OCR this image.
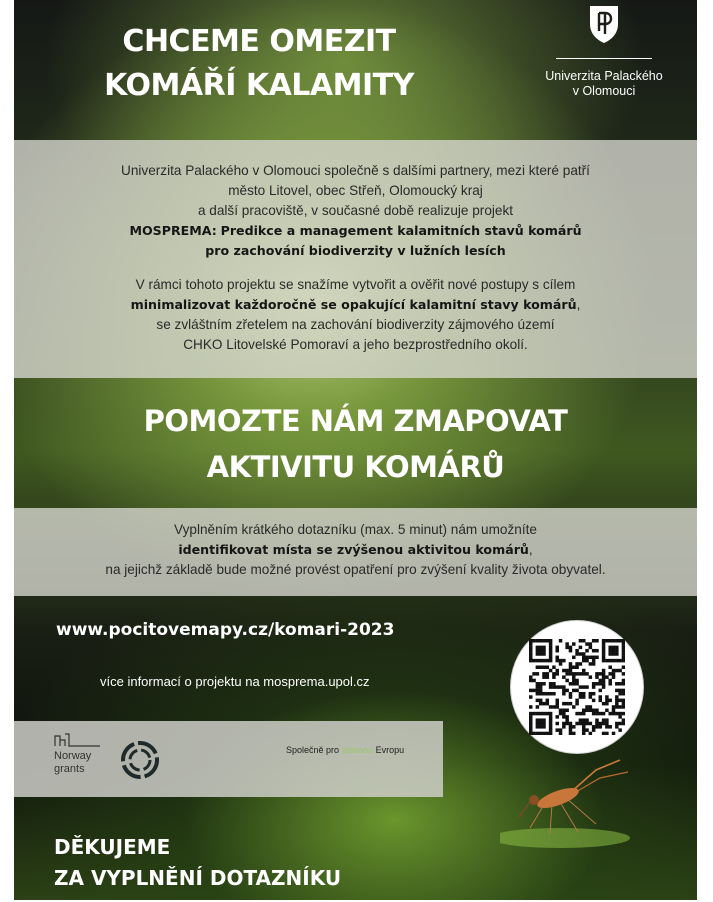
CHCEME OMEZIT
KOMÁŘÍ KALAMITY	Univerzita Palackého
v Olomouci

Univerzita Palackého v Olomouci společně s dalšími partnery, mezi které patří

město Litovel, obec Střeň, Olomoucký kraj

a další pracoviště, v současné době realizuje projekt

MOSPREMA: Predikce a management kalamitních stavů komárů

pro zachování biodiverzity v lužních lesích

V rámci tohoto projektu se snažíme vytvořit a ověřit nové postupy s cílem

minimalizovat každoročně se opakující kalamitní stavy komárů,

se zvláštním zřetelem na zachování biodiverzity zájmového území

CHKO Litovelské Pomoraví a jeho bezprostředního okolí.

POMOZTE NÁM ZMAPOVAT
AKTIVITU KOMÁRŮ

Vyplněním krátkého dotazníku (max. 5 minut) nám umožníte
identifikovat místa se zvýšenou aktivitou komárů,
na jejichž základě bude možné provést opatření pro zvýšení kvality života obyvatel.

www.pocitovemapy.cz/komari-2023
více informací o projektu na mosprema.upol.cz
Norway
grants
Společně pro zelenou Evropu
DĚKUJEME
ZA VYPLNĚNÍ DOTAZNÍKU
